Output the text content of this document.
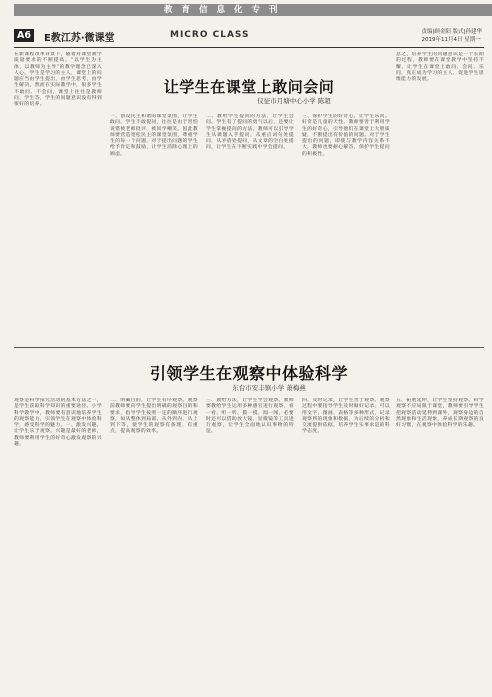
教育信息化专刊
A6	E教江苏·微课堂	MICRO CLASS	责编|顾金阳 版式|孙建华
2019年11月4日 星期一
在新课程改革背景下，随着对课堂教学质量要求的不断提高，“以学生为主体，以教师为主导”的教学理念已深入人心。学生是学习的主人，课堂上的问题应当由学生提出，由学生思考，由学生解决。然而在实际教学中，很多学生不敢问、不会问，课堂上往往是教师问、学生答，学生的问题意识没有得到很好的培养。
让学生在课堂上敢问会问
仪征市月塘中心小学 陈超
一、创设民主和谐的课堂氛围，让学生敢问。学生不敢提问，往往是由于害怕说错被老师批评、被同学嘲笑。因此教师要营造宽松民主的课堂氛围，尊重学生的每一个问题，对于提出问题的学生给予肯定和鼓励，让学生消除心理上的顾虑。
二、教给学生提问的方法，让学生会问。学生有了提问的勇气以后，还要让学生掌握提问的方法。教师可以引导学生从课题入手提问，从重点词句处提问，从矛盾处提问，从文章的空白处提问，让学生在不断实践中学会提问。
三、保护学生的好奇心，让学生乐问。好奇是儿童的天性，教师要善于利用学生的好奇心，引导他们在课堂上大胆质疑，不断提出有价值的问题。对于学生提出的问题，即使与教学内容关系不大，教师也要耐心解答，保护学生提问的积极性。
总之，培养学生的问题意识是一个长期的过程，教师要在课堂教学中坚持不懈，让学生在课堂上敢问、会问、乐问，真正成为学习的主人，促进学生思维能力的发展。
引领学生在观察中体验科学
东台市安丰镇小学 萧梅燕
观察是科学探究活动的基本方法之一，是学生获取科学知识的重要途径。小学科学教学中，教师要有意识地培养学生的观察能力，引领学生在观察中体验科学，感受科学的魅力。一、激发兴趣，让学生乐于观察。兴趣是最好的老师，教师要利用学生的好奇心激发观察的兴趣。
二、明确目的，让学生有序观察。观察前教师要向学生提出明确的观察目的和要求，指导学生按照一定的顺序进行观察，如从整体到局部、从外到内、从上到下等，使学生的观察有条理、有重点，提高观察的效率。
三、教给方法，让学生学会观察。教师要教给学生运用多种感官进行观察，看一看、听一听、摸一摸、闻一闻，必要时还可以借助放大镜、显微镜等工具进行观察，让学生全面地认识事物的特征。
四、及时记录，让学生善于观察。观察过程中要指导学生及时做好记录，可以用文字、图画、表格等多种形式，记录观察到的现象和数据，为后续的分析和交流提供依据，培养学生实事求是的科学态度。
五、拓展延伸，让学生坚持观察。科学观察不应局限于课堂，教师要引导学生把观察活动延伸到课外，观察身边的自然现象和生活现象，养成长期观察的良好习惯，在观察中体验科学的乐趣。
